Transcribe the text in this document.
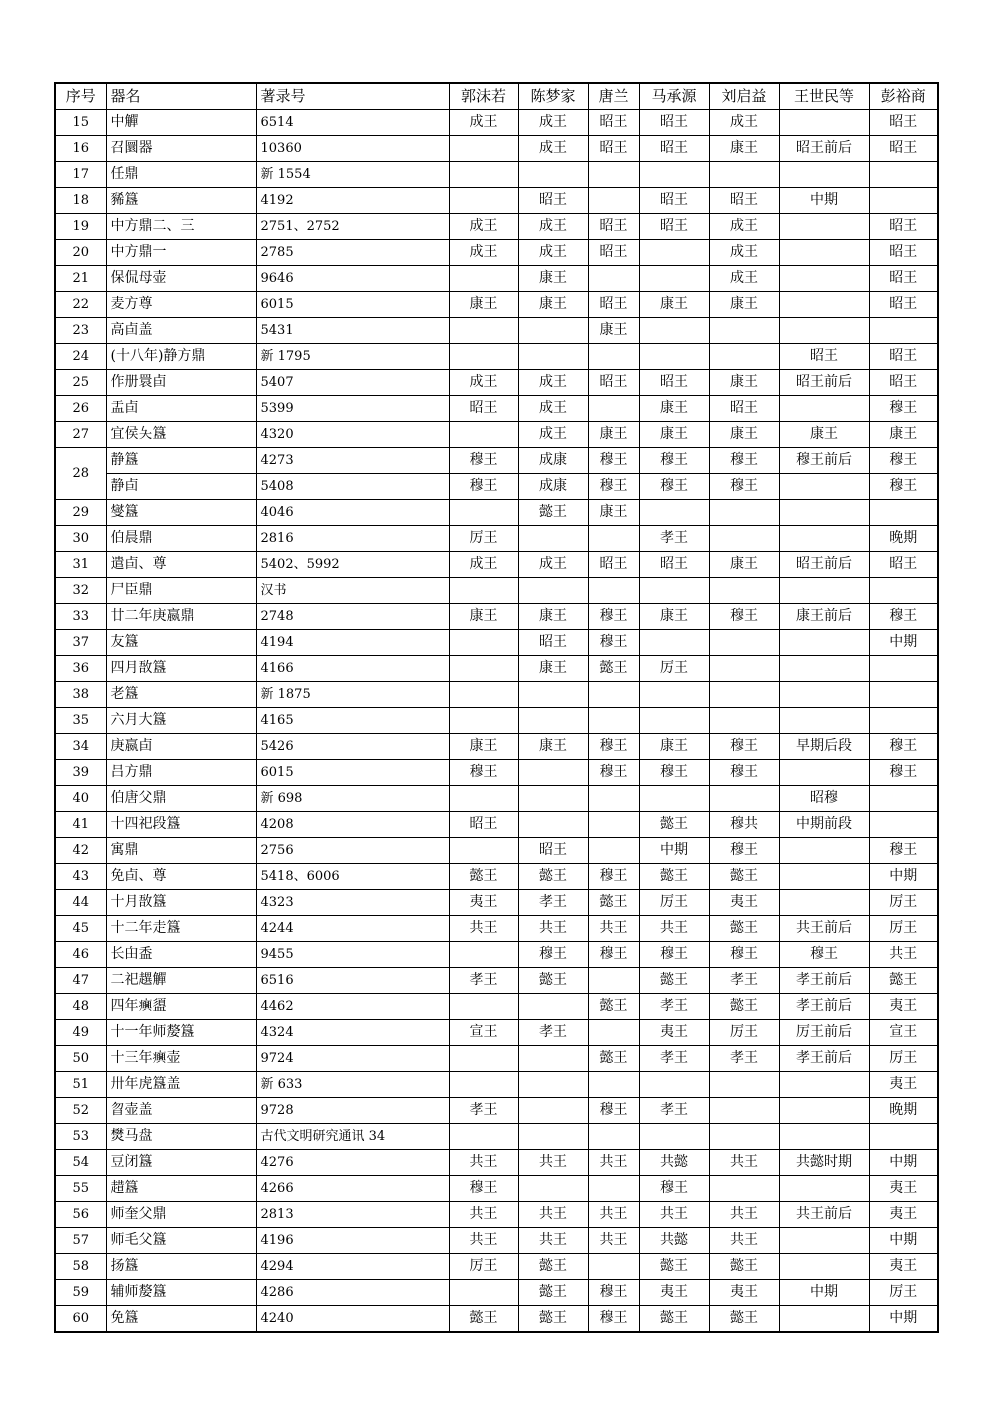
序号	器名	著录号	郭沫若	陈梦家	唐兰	马承源	刘启益	王世民等	彭裕商
15	中觶	6514	成王	成王	昭王	昭王	成王		昭王
16	召圜器	10360		成王	昭王	昭王	康王	昭王前后	昭王
17	任鼎	新 1554							
18	豨簋	4192		昭王		昭王	昭王	中期	
19	中方鼎二、三	2751、2752	成王	成王	昭王	昭王	成王		昭王
20	中方鼎一	2785	成王	成王	昭王		成王		昭王
21	保侃母壶	9646		康王			成王		昭王
22	麦方尊	6015	康王	康王	昭王	康王	康王		昭王
23	高卣盖	5431			康王				
24	(十八年)静方鼎	新 1795						昭王	昭王
25	作册睘卣	5407	成王	成王	昭王	昭王	康王	昭王前后	昭王
26	盂卣	5399	昭王	成王		康王	昭王		穆王
27	宜侯夨簋	4320		成王	康王	康王	康王	康王	康王
28	静簋	4273	穆王	成康	穆王	穆王	穆王	穆王前后	穆王
	静卣	5408	穆王	成康	穆王	穆王	穆王		穆王
29	燮簋	4046		懿王	康王				
30	伯晨鼎	2816	厉王			孝王			晚期
31	遣卣、尊	5402、5992	成王	成王	昭王	昭王	康王	昭王前后	昭王
32	尸臣鼎	汉书							
33	廿二年庚嬴鼎	2748	康王	康王	穆王	康王	穆王	康王前后	穆王
37	友簋	4194		昭王	穆王				中期
36	四月敔簋	4166		康王	懿王	厉王			
38	老簋	新 1875							
35	六月大簋	4165							
34	庚嬴卣	5426	康王	康王	穆王	康王	穆王	早期后段	穆王
39	吕方鼎	6015	穆王		穆王	穆王	穆王		穆王
40	伯唐父鼎	新 698						昭穆	
41	十四祀段簋	4208	昭王			懿王	穆共	中期前段	
42	寓鼎	2756		昭王		中期	穆王		穆王
43	免卣、尊	5418、6006	懿王	懿王	穆王	懿王	懿王		中期
44	十月敔簋	4323	夷王	孝王	懿王	厉王	夷王		厉王
45	十二年走簋	4244	共王	共王	共王	共王	懿王	共王前后	厉王
46	长甶盉	9455		穆王	穆王	穆王	穆王	穆王	共王
47	二祀趩觶	6516	孝王	懿王		懿王	孝王	孝王前后	懿王
48	四年𤼈盨	4462			懿王	孝王	懿王	孝王前后	夷王
49	十一年师嫠簋	4324	宣王	孝王		夷王	厉王	厉王前后	宣王
50	十三年𤼈壶	9724			懿王	孝王	孝王	孝王前后	厉王
51	卅年虎簋盖	新 633							夷王
52	曶壶盖	9728	孝王		穆王	孝王			晚期
53	燓马盘	古代文明研究通讯 34							
54	豆闭簋	4276	共王	共王	共王	共懿	共王	共懿时期	中期
55	趞簋	4266	穆王			穆王			夷王
56	师奎父鼎	2813	共王	共王	共王	共王	共王	共王前后	夷王
57	师毛父簋	4196	共王	共王	共王	共懿	共王		中期
58	扬簋	4294	厉王	懿王		懿王	懿王		夷王
59	辅师嫠簋	4286		懿王	穆王	夷王	夷王	中期	厉王
60	免簋	4240	懿王	懿王	穆王	懿王	懿王		中期
